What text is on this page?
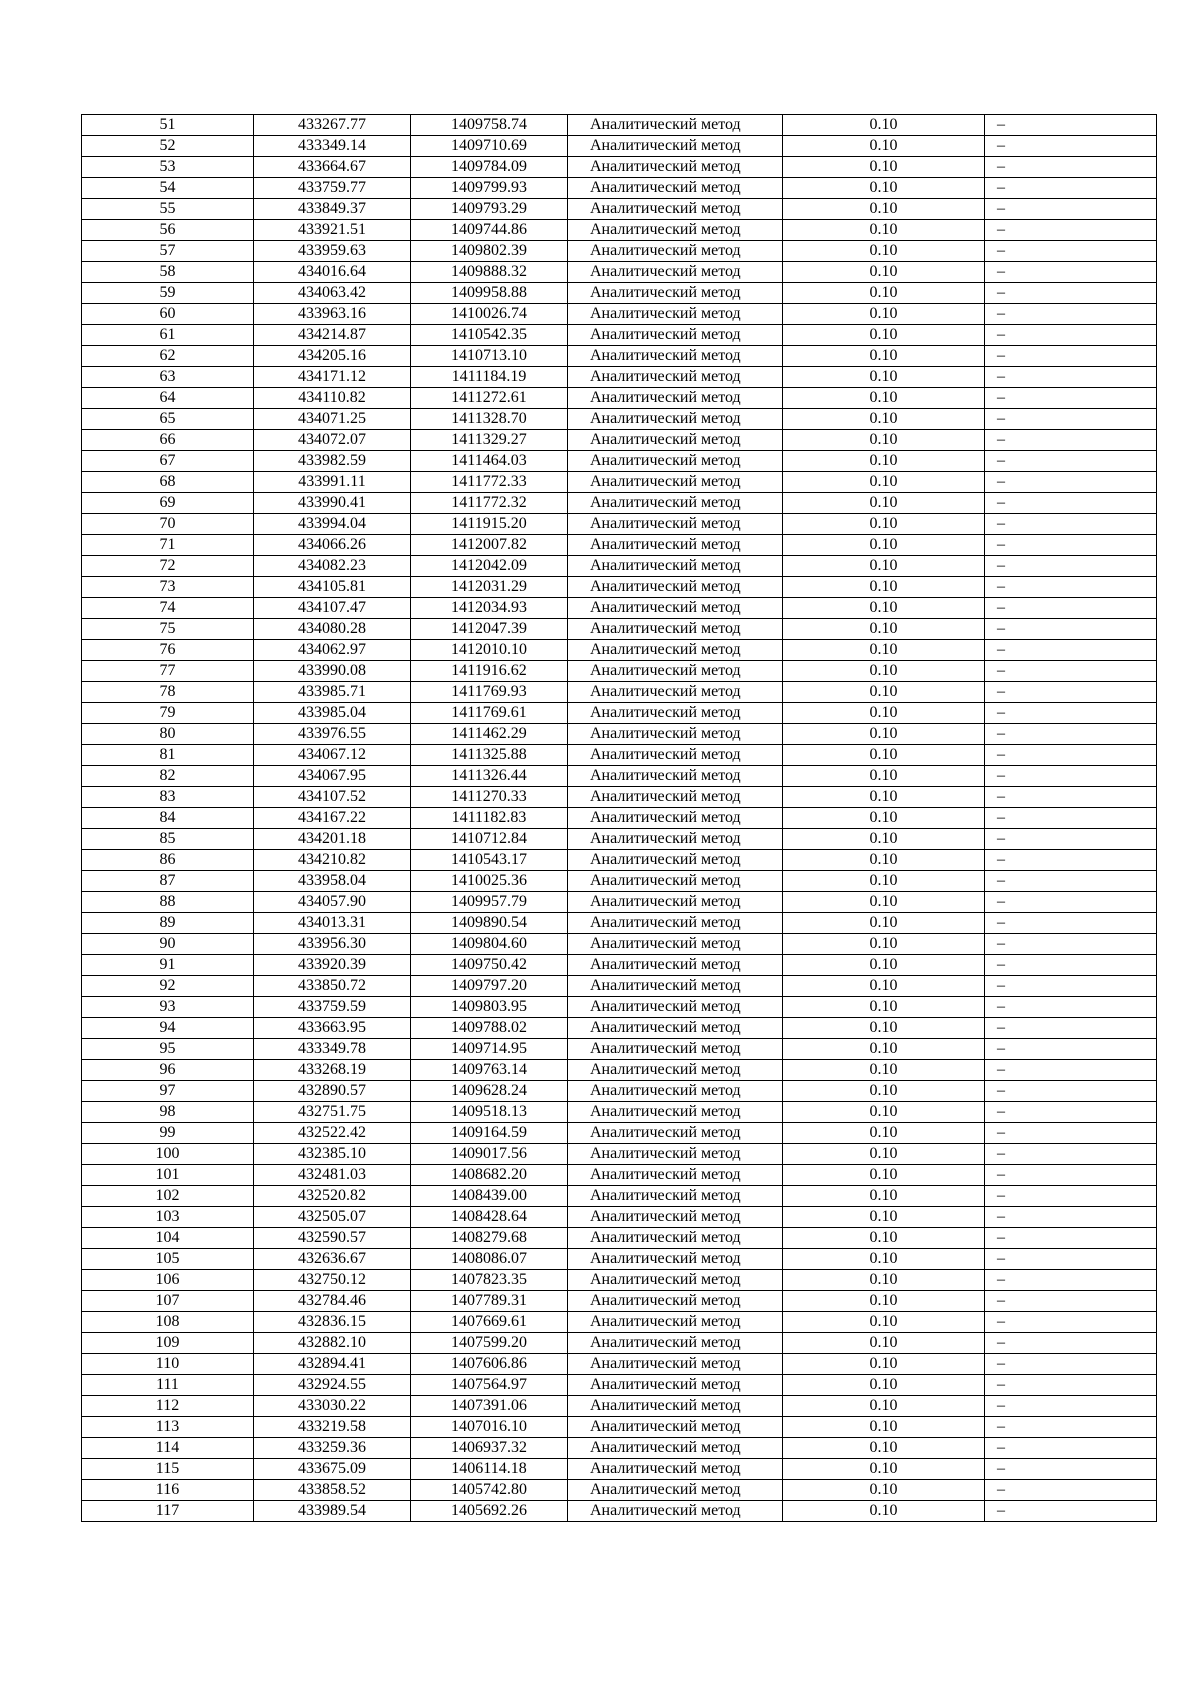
51	433267.77	1409758.74	Аналитический метод	0.10	–
52	433349.14	1409710.69	Аналитический метод	0.10	–
53	433664.67	1409784.09	Аналитический метод	0.10	–
54	433759.77	1409799.93	Аналитический метод	0.10	–
55	433849.37	1409793.29	Аналитический метод	0.10	–
56	433921.51	1409744.86	Аналитический метод	0.10	–
57	433959.63	1409802.39	Аналитический метод	0.10	–
58	434016.64	1409888.32	Аналитический метод	0.10	–
59	434063.42	1409958.88	Аналитический метод	0.10	–
60	433963.16	1410026.74	Аналитический метод	0.10	–
61	434214.87	1410542.35	Аналитический метод	0.10	–
62	434205.16	1410713.10	Аналитический метод	0.10	–
63	434171.12	1411184.19	Аналитический метод	0.10	–
64	434110.82	1411272.61	Аналитический метод	0.10	–
65	434071.25	1411328.70	Аналитический метод	0.10	–
66	434072.07	1411329.27	Аналитический метод	0.10	–
67	433982.59	1411464.03	Аналитический метод	0.10	–
68	433991.11	1411772.33	Аналитический метод	0.10	–
69	433990.41	1411772.32	Аналитический метод	0.10	–
70	433994.04	1411915.20	Аналитический метод	0.10	–
71	434066.26	1412007.82	Аналитический метод	0.10	–
72	434082.23	1412042.09	Аналитический метод	0.10	–
73	434105.81	1412031.29	Аналитический метод	0.10	–
74	434107.47	1412034.93	Аналитический метод	0.10	–
75	434080.28	1412047.39	Аналитический метод	0.10	–
76	434062.97	1412010.10	Аналитический метод	0.10	–
77	433990.08	1411916.62	Аналитический метод	0.10	–
78	433985.71	1411769.93	Аналитический метод	0.10	–
79	433985.04	1411769.61	Аналитический метод	0.10	–
80	433976.55	1411462.29	Аналитический метод	0.10	–
81	434067.12	1411325.88	Аналитический метод	0.10	–
82	434067.95	1411326.44	Аналитический метод	0.10	–
83	434107.52	1411270.33	Аналитический метод	0.10	–
84	434167.22	1411182.83	Аналитический метод	0.10	–
85	434201.18	1410712.84	Аналитический метод	0.10	–
86	434210.82	1410543.17	Аналитический метод	0.10	–
87	433958.04	1410025.36	Аналитический метод	0.10	–
88	434057.90	1409957.79	Аналитический метод	0.10	–
89	434013.31	1409890.54	Аналитический метод	0.10	–
90	433956.30	1409804.60	Аналитический метод	0.10	–
91	433920.39	1409750.42	Аналитический метод	0.10	–
92	433850.72	1409797.20	Аналитический метод	0.10	–
93	433759.59	1409803.95	Аналитический метод	0.10	–
94	433663.95	1409788.02	Аналитический метод	0.10	–
95	433349.78	1409714.95	Аналитический метод	0.10	–
96	433268.19	1409763.14	Аналитический метод	0.10	–
97	432890.57	1409628.24	Аналитический метод	0.10	–
98	432751.75	1409518.13	Аналитический метод	0.10	–
99	432522.42	1409164.59	Аналитический метод	0.10	–
100	432385.10	1409017.56	Аналитический метод	0.10	–
101	432481.03	1408682.20	Аналитический метод	0.10	–
102	432520.82	1408439.00	Аналитический метод	0.10	–
103	432505.07	1408428.64	Аналитический метод	0.10	–
104	432590.57	1408279.68	Аналитический метод	0.10	–
105	432636.67	1408086.07	Аналитический метод	0.10	–
106	432750.12	1407823.35	Аналитический метод	0.10	–
107	432784.46	1407789.31	Аналитический метод	0.10	–
108	432836.15	1407669.61	Аналитический метод	0.10	–
109	432882.10	1407599.20	Аналитический метод	0.10	–
110	432894.41	1407606.86	Аналитический метод	0.10	–
111	432924.55	1407564.97	Аналитический метод	0.10	–
112	433030.22	1407391.06	Аналитический метод	0.10	–
113	433219.58	1407016.10	Аналитический метод	0.10	–
114	433259.36	1406937.32	Аналитический метод	0.10	–
115	433675.09	1406114.18	Аналитический метод	0.10	–
116	433858.52	1405742.80	Аналитический метод	0.10	–
117	433989.54	1405692.26	Аналитический метод	0.10	–
